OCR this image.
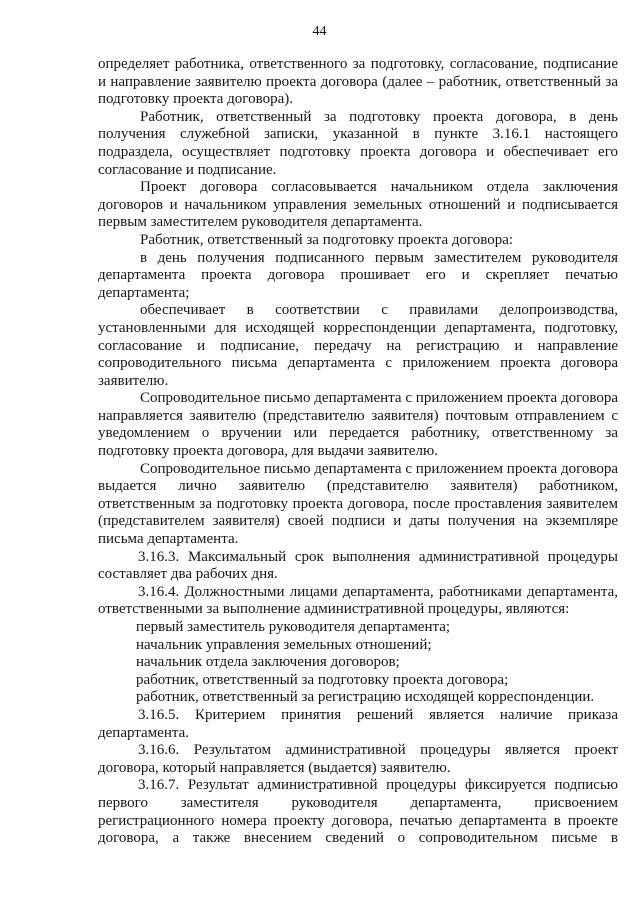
44

определяет работника, ответственного за подготовку, согласование, подписание и направление заявителю проекта договора (далее – работник, ответственный за подготовку проекта договора).

Работник, ответственный за подготовку проекта договора, в день получения служебной записки, указанной в пункте 3.16.1 настоящего подраздела, осуществляет подготовку проекта договора и обеспечивает его согласование и подписание.

Проект договора согласовывается начальником отдела заключения договоров и начальником управления земельных отношений и подписывается первым заместителем руководителя департамента.

Работник, ответственный за подготовку проекта договора:

в день получения подписанного первым заместителем руководителя департамента проекта договора прошивает его и скрепляет печатью департамента;

обеспечивает в соответствии с правилами делопроизводства, установленными для исходящей корреспонденции департамента, подготовку, согласование и подписание, передачу на регистрацию и направление сопроводительного письма департамента с приложением проекта договора заявителю.

Сопроводительное письмо департамента с приложением проекта договора направляется заявителю (представителю заявителя) почтовым отправлением с уведомлением о вручении или передается работнику, ответственному за подготовку проекта договора, для выдачи заявителю.

Сопроводительное письмо департамента с приложением проекта договора выдается лично заявителю (представителю заявителя) работником, ответственным за подготовку проекта договора, после проставления заявителем (представителем заявителя) своей подписи и даты получения на экземпляре письма департамента.

3.16.3. Максимальный срок выполнения административной процедуры составляет два рабочих дня.

3.16.4. Должностными лицами департамента, работниками департамента, ответственными за выполнение административной процедуры, являются:

первый заместитель руководителя департамента;

начальник управления земельных отношений;

начальник отдела заключения договоров;

работник, ответственный за подготовку проекта договора;

работник, ответственный за регистрацию исходящей корреспонденции.

3.16.5. Критерием принятия решений является наличие приказа департамента.

3.16.6. Результатом административной процедуры является проект договора, который направляется (выдается) заявителю.

3.16.7. Результат административной процедуры фиксируется подписью первого заместителя руководителя департамента, присвоением регистрационного номера проекту договора, печатью департамента в проекте договора, а также внесением сведений о сопроводительном письме в
